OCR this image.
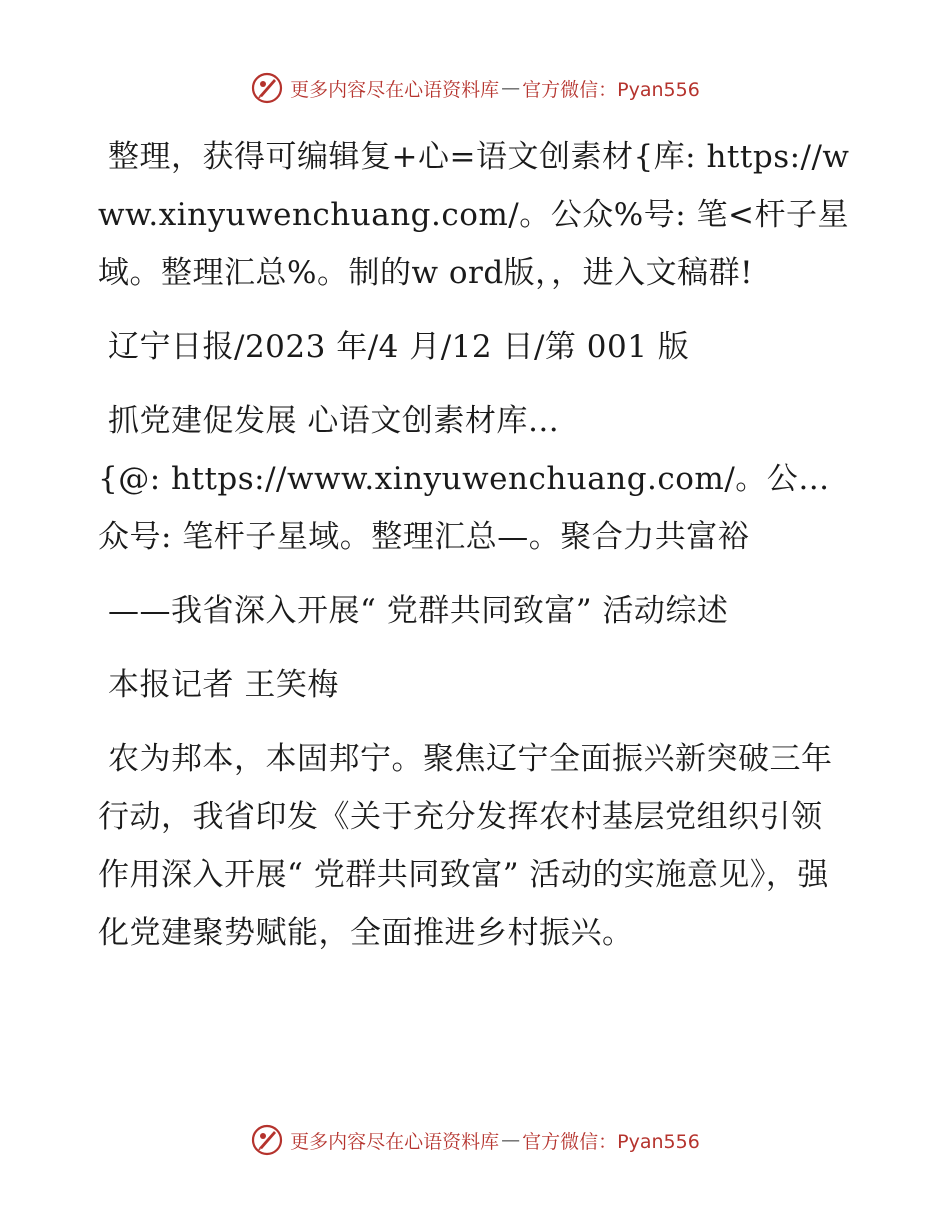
更多内容尽在心语资料库 — 官方微信：Pyan556

整理，获得可编辑复+心=语文创素材{库: https://www.xinyuwenchuang.com/。公众%号: 笔<杆子星域。整理汇总%。制的w ord版，，进入文稿群!

辽宁日报/2023 年/4 月/12 日/第 001 版

抓党建促发展 心语文创素材库…

{@: https://www.xinyuwenchuang.com/。公…众号: 笔杆子星域。整理汇总—。聚合力共富裕

——我省深入开展“ 党群共同致富” 活动综述

本报记者 王笑梅

农为邦本，本固邦宁。聚焦辽宁全面振兴新突破三年行动，我省印发《关于充分发挥农村基层党组织引领作用深入开展“ 党群共同致富” 活动的实施意见》，强化党建聚势赋能，全面推进乡村振兴。

更多内容尽在心语资料库 — 官方微信：Pyan556
